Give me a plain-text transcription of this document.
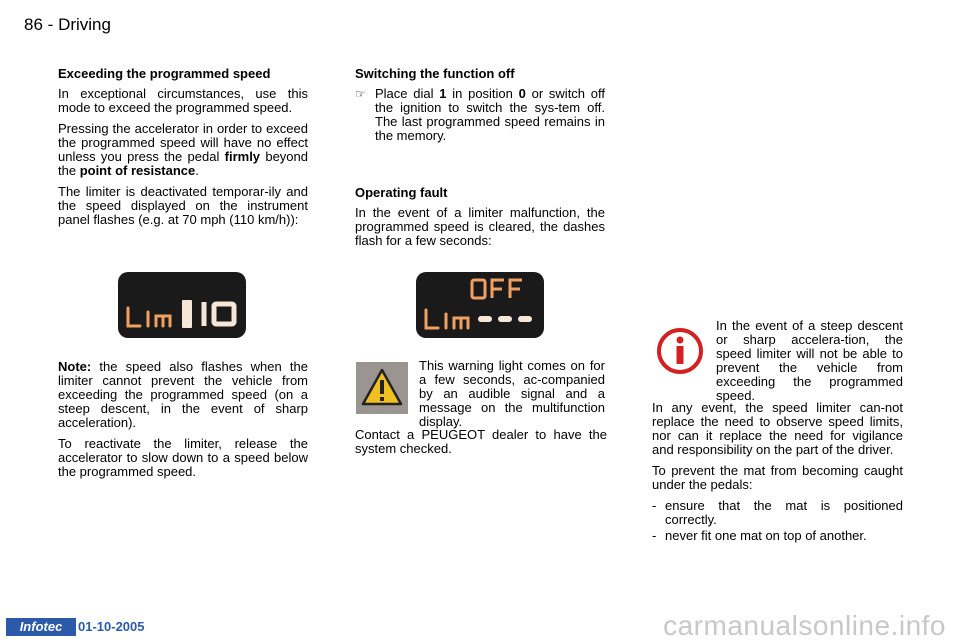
86 - Driving
Exceeding the programmed speed

In exceptional circumstances, use this mode to exceed the programmed speed.

Pressing the accelerator in order to exceed the programmed speed will have no effect unless you press the pedal firmly beyond the point of resistance.

The limiter is deactivated temporar-ily and the speed displayed on the instrument panel flashes (e.g. at 70 mph (110 km/h)):

Note: the speed also flashes when the limiter cannot prevent the vehicle from exceeding the programmed speed (on a steep descent, in the event of sharp acceleration).

To reactivate the limiter, release the accelerator to slow down to a speed below the programmed speed.

Switching the function off
☞ Place dial 1 in position 0 or switch off the ignition to switch the sys-tem off. The last programmed speed remains in the memory.
Operating fault

In the event of a limiter malfunction, the programmed speed is cleared, the dashes flash for a few seconds:

This warning light comes on for a few seconds, ac-companied by an audible signal and a message on the multifunction display.

Contact a PEUGEOT dealer to have the system checked.

In the event of a steep descent or sharp accelera-tion, the speed limiter will not be able to prevent the vehicle from exceeding the programmed speed.

In any event, the speed limiter can-not replace the need to observe speed limits, nor can it replace the need for vigilance and responsibility on the part of the driver.

To prevent the mat from becoming caught under the pedals:

- ensure that the mat is positioned correctly.
- never fit one mat on top of another.
Infotec	01-10-2005	carmanualsonline.info
